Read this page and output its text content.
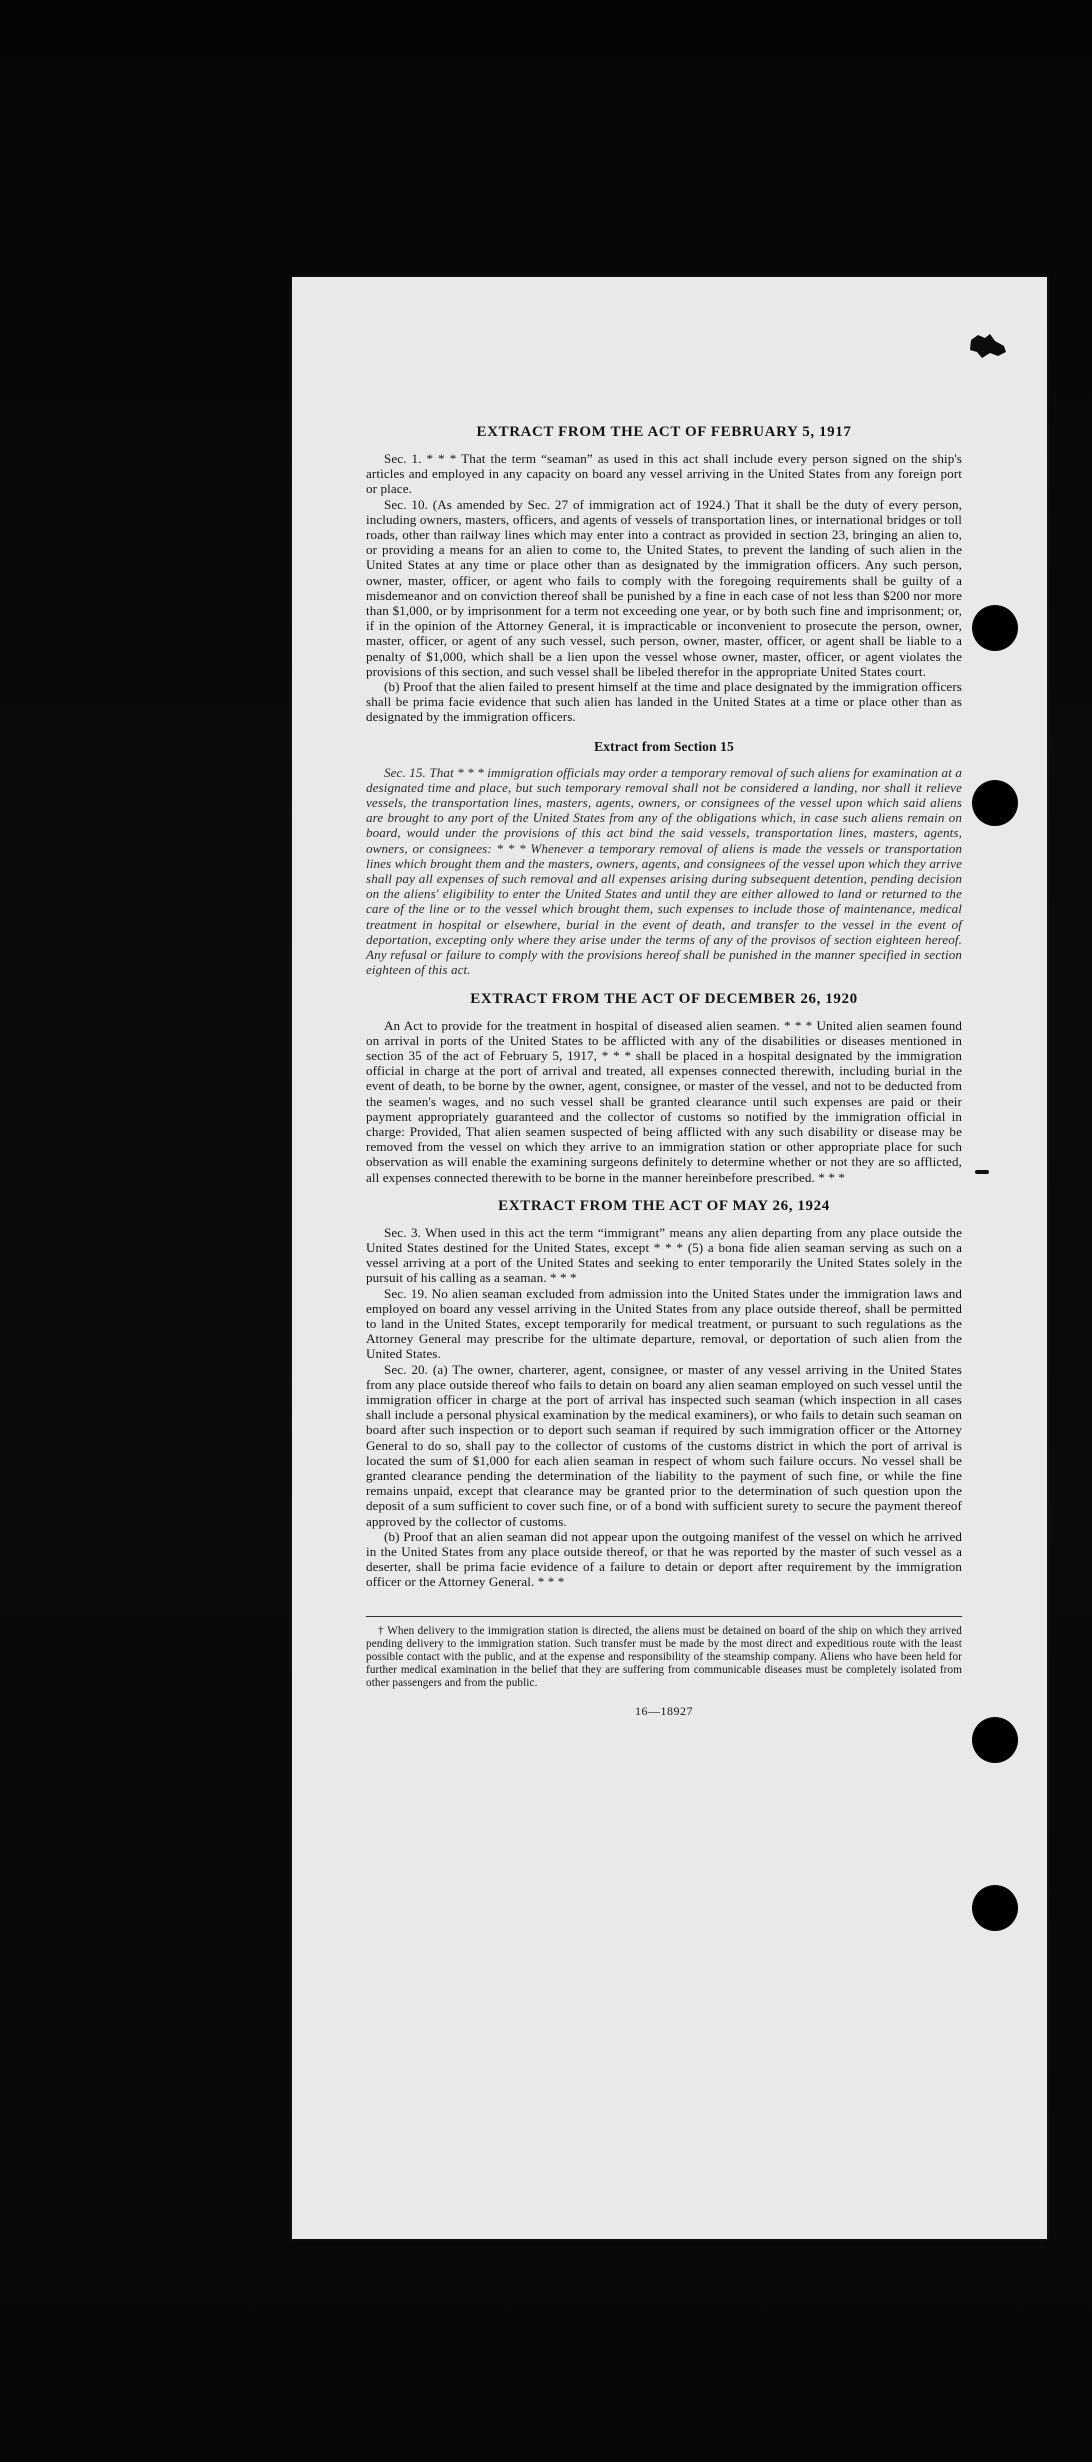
EXTRACT FROM THE ACT OF FEBRUARY 5, 1917

Sec. 1. * * * That the term “seaman” as used in this act shall include every person signed on the ship's articles and employed in any capacity on board any vessel arriving in the United States from any foreign port or place.

Sec. 10. (As amended by Sec. 27 of immigration act of 1924.) That it shall be the duty of every person, including owners, masters, officers, and agents of vessels of transportation lines, or international bridges or toll roads, other than railway lines which may enter into a contract as provided in section 23, bringing an alien to, or providing a means for an alien to come to, the United States, to prevent the landing of such alien in the United States at any time or place other than as designated by the immigration officers. Any such person, owner, master, officer, or agent who fails to comply with the foregoing requirements shall be guilty of a misdemeanor and on conviction thereof shall be punished by a fine in each case of not less than $200 nor more than $1,000, or by imprisonment for a term not exceeding one year, or by both such fine and imprisonment; or, if in the opinion of the Attorney General, it is impracticable or inconvenient to prosecute the person, owner, master, officer, or agent of any such vessel, such person, owner, master, officer, or agent shall be liable to a penalty of $1,000, which shall be a lien upon the vessel whose owner, master, officer, or agent violates the provisions of this section, and such vessel shall be libeled therefor in the appropriate United States court.

(b) Proof that the alien failed to present himself at the time and place designated by the immigration officers shall be prima facie evidence that such alien has landed in the United States at a time or place other than as designated by the immigration officers.

Extract from Section 15

Sec. 15. That * * * immigration officials may order a temporary removal of such aliens for examination at a designated time and place, but such temporary removal shall not be considered a landing, nor shall it relieve vessels, the transportation lines, masters, agents, owners, or consignees of the vessel upon which said aliens are brought to any port of the United States from any of the obligations which, in case such aliens remain on board, would under the provisions of this act bind the said vessels, transportation lines, masters, agents, owners, or consignees: * * * Whenever a temporary removal of aliens is made the vessels or transportation lines which brought them and the masters, owners, agents, and consignees of the vessel upon which they arrive shall pay all expenses of such removal and all expenses arising during subsequent detention, pending decision on the aliens' eligibility to enter the United States and until they are either allowed to land or returned to the care of the line or to the vessel which brought them, such expenses to include those of maintenance, medical treatment in hospital or elsewhere, burial in the event of death, and transfer to the vessel in the event of deportation, excepting only where they arise under the terms of any of the provisos of section eighteen hereof. Any refusal or failure to comply with the provisions hereof shall be punished in the manner specified in section eighteen of this act.

EXTRACT FROM THE ACT OF DECEMBER 26, 1920

An Act to provide for the treatment in hospital of diseased alien seamen. * * * United alien seamen found on arrival in ports of the United States to be afflicted with any of the disabilities or diseases mentioned in section 35 of the act of February 5, 1917, * * * shall be placed in a hospital designated by the immigration official in charge at the port of arrival and treated, all expenses connected therewith, including burial in the event of death, to be borne by the owner, agent, consignee, or master of the vessel, and not to be deducted from the seamen's wages, and no such vessel shall be granted clearance until such expenses are paid or their payment appropriately guaranteed and the collector of customs so notified by the immigration official in charge: Provided, That alien seamen suspected of being afflicted with any such disability or disease may be removed from the vessel on which they arrive to an immigration station or other appropriate place for such observation as will enable the examining surgeons definitely to determine whether or not they are so afflicted, all expenses connected therewith to be borne in the manner hereinbefore prescribed. * * *

EXTRACT FROM THE ACT OF MAY 26, 1924

Sec. 3. When used in this act the term “immigrant” means any alien departing from any place outside the United States destined for the United States, except * * * (5) a bona fide alien seaman serving as such on a vessel arriving at a port of the United States and seeking to enter temporarily the United States solely in the pursuit of his calling as a seaman. * * *

Sec. 19. No alien seaman excluded from admission into the United States under the immigration laws and employed on board any vessel arriving in the United States from any place outside thereof, shall be permitted to land in the United States, except temporarily for medical treatment, or pursuant to such regulations as the Attorney General may prescribe for the ultimate departure, removal, or deportation of such alien from the United States.

Sec. 20. (a) The owner, charterer, agent, consignee, or master of any vessel arriving in the United States from any place outside thereof who fails to detain on board any alien seaman employed on such vessel until the immigration officer in charge at the port of arrival has inspected such seaman (which inspection in all cases shall include a personal physical examination by the medical examiners), or who fails to detain such seaman on board after such inspection or to deport such seaman if required by such immigration officer or the Attorney General to do so, shall pay to the collector of customs of the customs district in which the port of arrival is located the sum of $1,000 for each alien seaman in respect of whom such failure occurs. No vessel shall be granted clearance pending the determination of the liability to the payment of such fine, or while the fine remains unpaid, except that clearance may be granted prior to the determination of such question upon the deposit of a sum sufficient to cover such fine, or of a bond with sufficient surety to secure the payment thereof approved by the collector of customs.

(b) Proof that an alien seaman did not appear upon the outgoing manifest of the vessel on which he arrived in the United States from any place outside thereof, or that he was reported by the master of such vessel as a deserter, shall be prima facie evidence of a failure to detain or deport after requirement by the immigration officer or the Attorney General. * * *

† When delivery to the immigration station is directed, the aliens must be detained on board of the ship on which they arrived pending delivery to the immigration station. Such transfer must be made by the most direct and expeditious route with the least possible contact with the public, and at the expense and responsibility of the steamship company. Aliens who have been held for further medical examination in the belief that they are suffering from communicable diseases must be completely isolated from other passengers and from the public.

16—18927
